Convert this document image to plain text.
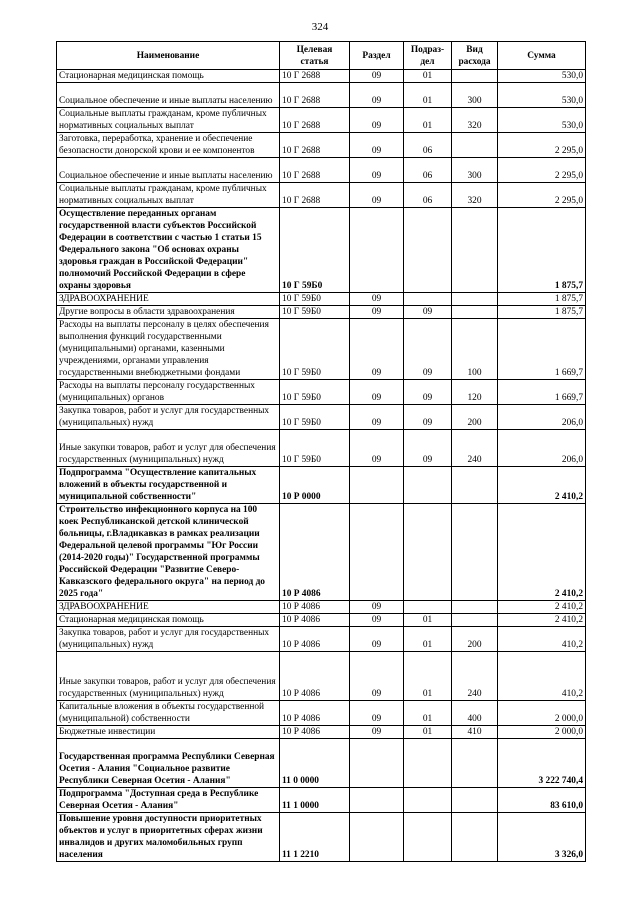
324
Наименование	Целевая статья	Раздел	Подраз- дел	Вид расхода	Сумма
Стационарная медицинская помощь	10 Г 2688	09	01		530,0
Социальное обеспечение и иные выплаты населению	10 Г 2688	09	01	300	530,0
Социальные выплаты гражданам, кроме публичных нормативных социальных выплат	10 Г 2688	09	01	320	530,0
Заготовка, переработка, хранение и обеспечение безопасности донорской крови и ее компонентов	10 Г 2688	09	06		2 295,0
Социальное обеспечение и иные выплаты населению	10 Г 2688	09	06	300	2 295,0
Социальные выплаты гражданам, кроме публичных нормативных социальных выплат	10 Г 2688	09	06	320	2 295,0
Осуществление переданных органам государственной власти субъектов Российской Федерации в соответствии с частью 1 статьи 15 Федерального закона "Об основах охраны здоровья граждан в Российской Федерации" полномочий Российской Федерации в сфере охраны здоровья	10 Г 59Б0				1 875,7
ЗДРАВООХРАНЕНИЕ	10 Г 59Б0	09			1 875,7
Другие вопросы в области здравоохранения	10 Г 59Б0	09	09		1 875,7
Расходы на выплаты персоналу в целях обеспечения выполнения функций государственными (муниципальными) органами, казенными учреждениями, органами управления государственными внебюджетными фондами	10 Г 59Б0	09	09	100	1 669,7
Расходы на выплаты персоналу государственных (муниципальных) органов	10 Г 59Б0	09	09	120	1 669,7
Закупка товаров, работ и услуг для государственных (муниципальных) нужд	10 Г 59Б0	09	09	200	206,0
Иные закупки товаров, работ и услуг для обеспечения государственных (муниципальных) нужд	10 Г 59Б0	09	09	240	206,0
Подпрограмма "Осуществление капитальных вложений в объекты государственной и муниципальной собственности"	10 Р 0000				2 410,2
Строительство инфекционного корпуса на 100 коек Республиканской детской клинической больницы, г.Владикавказ в рамках реализации Федеральной целевой программы "Юг России (2014-2020 годы)" Государственной программы Российской Федерации "Развитие Северо-Кавказского федерального округа" на период до 2025 года"	10 Р 4086				2 410,2
ЗДРАВООХРАНЕНИЕ	10 Р 4086	09			2 410,2
Стационарная медицинская помощь	10 Р 4086	09	01		2 410,2
Закупка товаров, работ и услуг для государственных (муниципальных) нужд	10 Р 4086	09	01	200	410,2
Иные закупки товаров, работ и услуг для обеспечения государственных (муниципальных) нужд	10 Р 4086	09	01	240	410,2
Капитальные вложения в объекты государственной (муниципальной) собственности	10 Р 4086	09	01	400	2 000,0
Бюджетные инвестиции	10 Р 4086	09	01	410	2 000,0
Государственная программа Республики Северная Осетия - Алания "Социальное развитие Республики Северная Осетия - Алания"	11 0 0000				3 222 740,4
Подпрограмма "Доступная среда в Республике Северная Осетия - Алания"	11 1 0000				83 610,0
Повышение уровня доступности приоритетных объектов и услуг в приоритетных сферах жизни инвалидов и других маломобильных групп населения	11 1 2210				3 326,0
